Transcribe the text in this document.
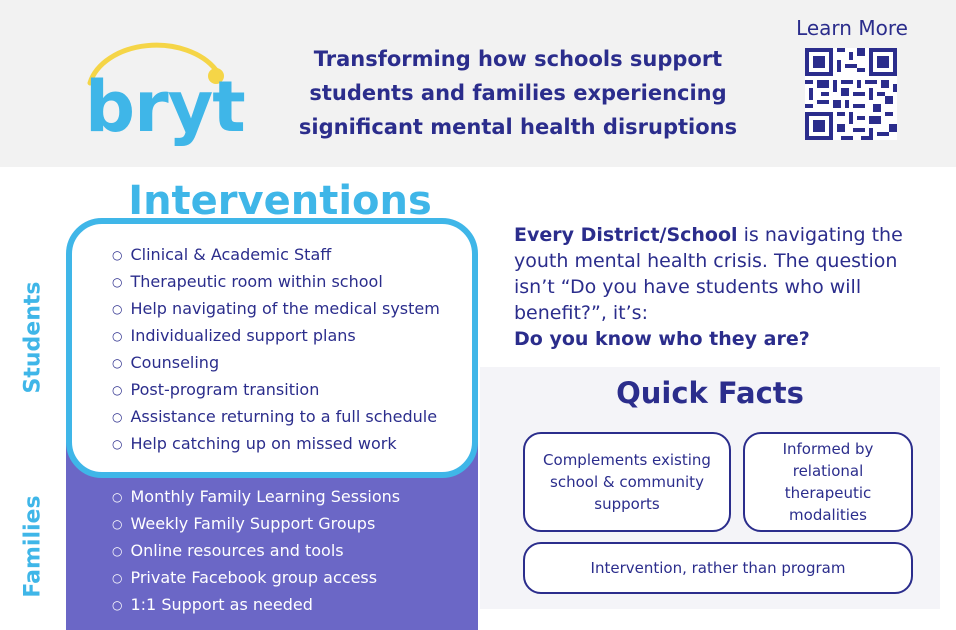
bryt
Transforming how schools support
students and families experiencing
significant mental health disruptions
Learn More
Interventions
Students
Families
○ Clinical & Academic Staff
○ Therapeutic room within school
○ Help navigating of the medical system
○ Individualized support plans
○ Counseling
○ Post-program transition
○ Assistance returning to a full schedule
○ Help catching up on missed work
○ Monthly Family Learning Sessions
○ Weekly Family Support Groups
○ Online resources and tools
○ Private Facebook group access
○ 1:1 Support as needed
Every District/School is navigating the youth mental health crisis. The question isn’t “Do you have students who will benefit?”, it’s:
Do you know who they are?
Quick Facts
Complements existing school & community supports
Informed by relational therapeutic modalities
Intervention, rather than program
